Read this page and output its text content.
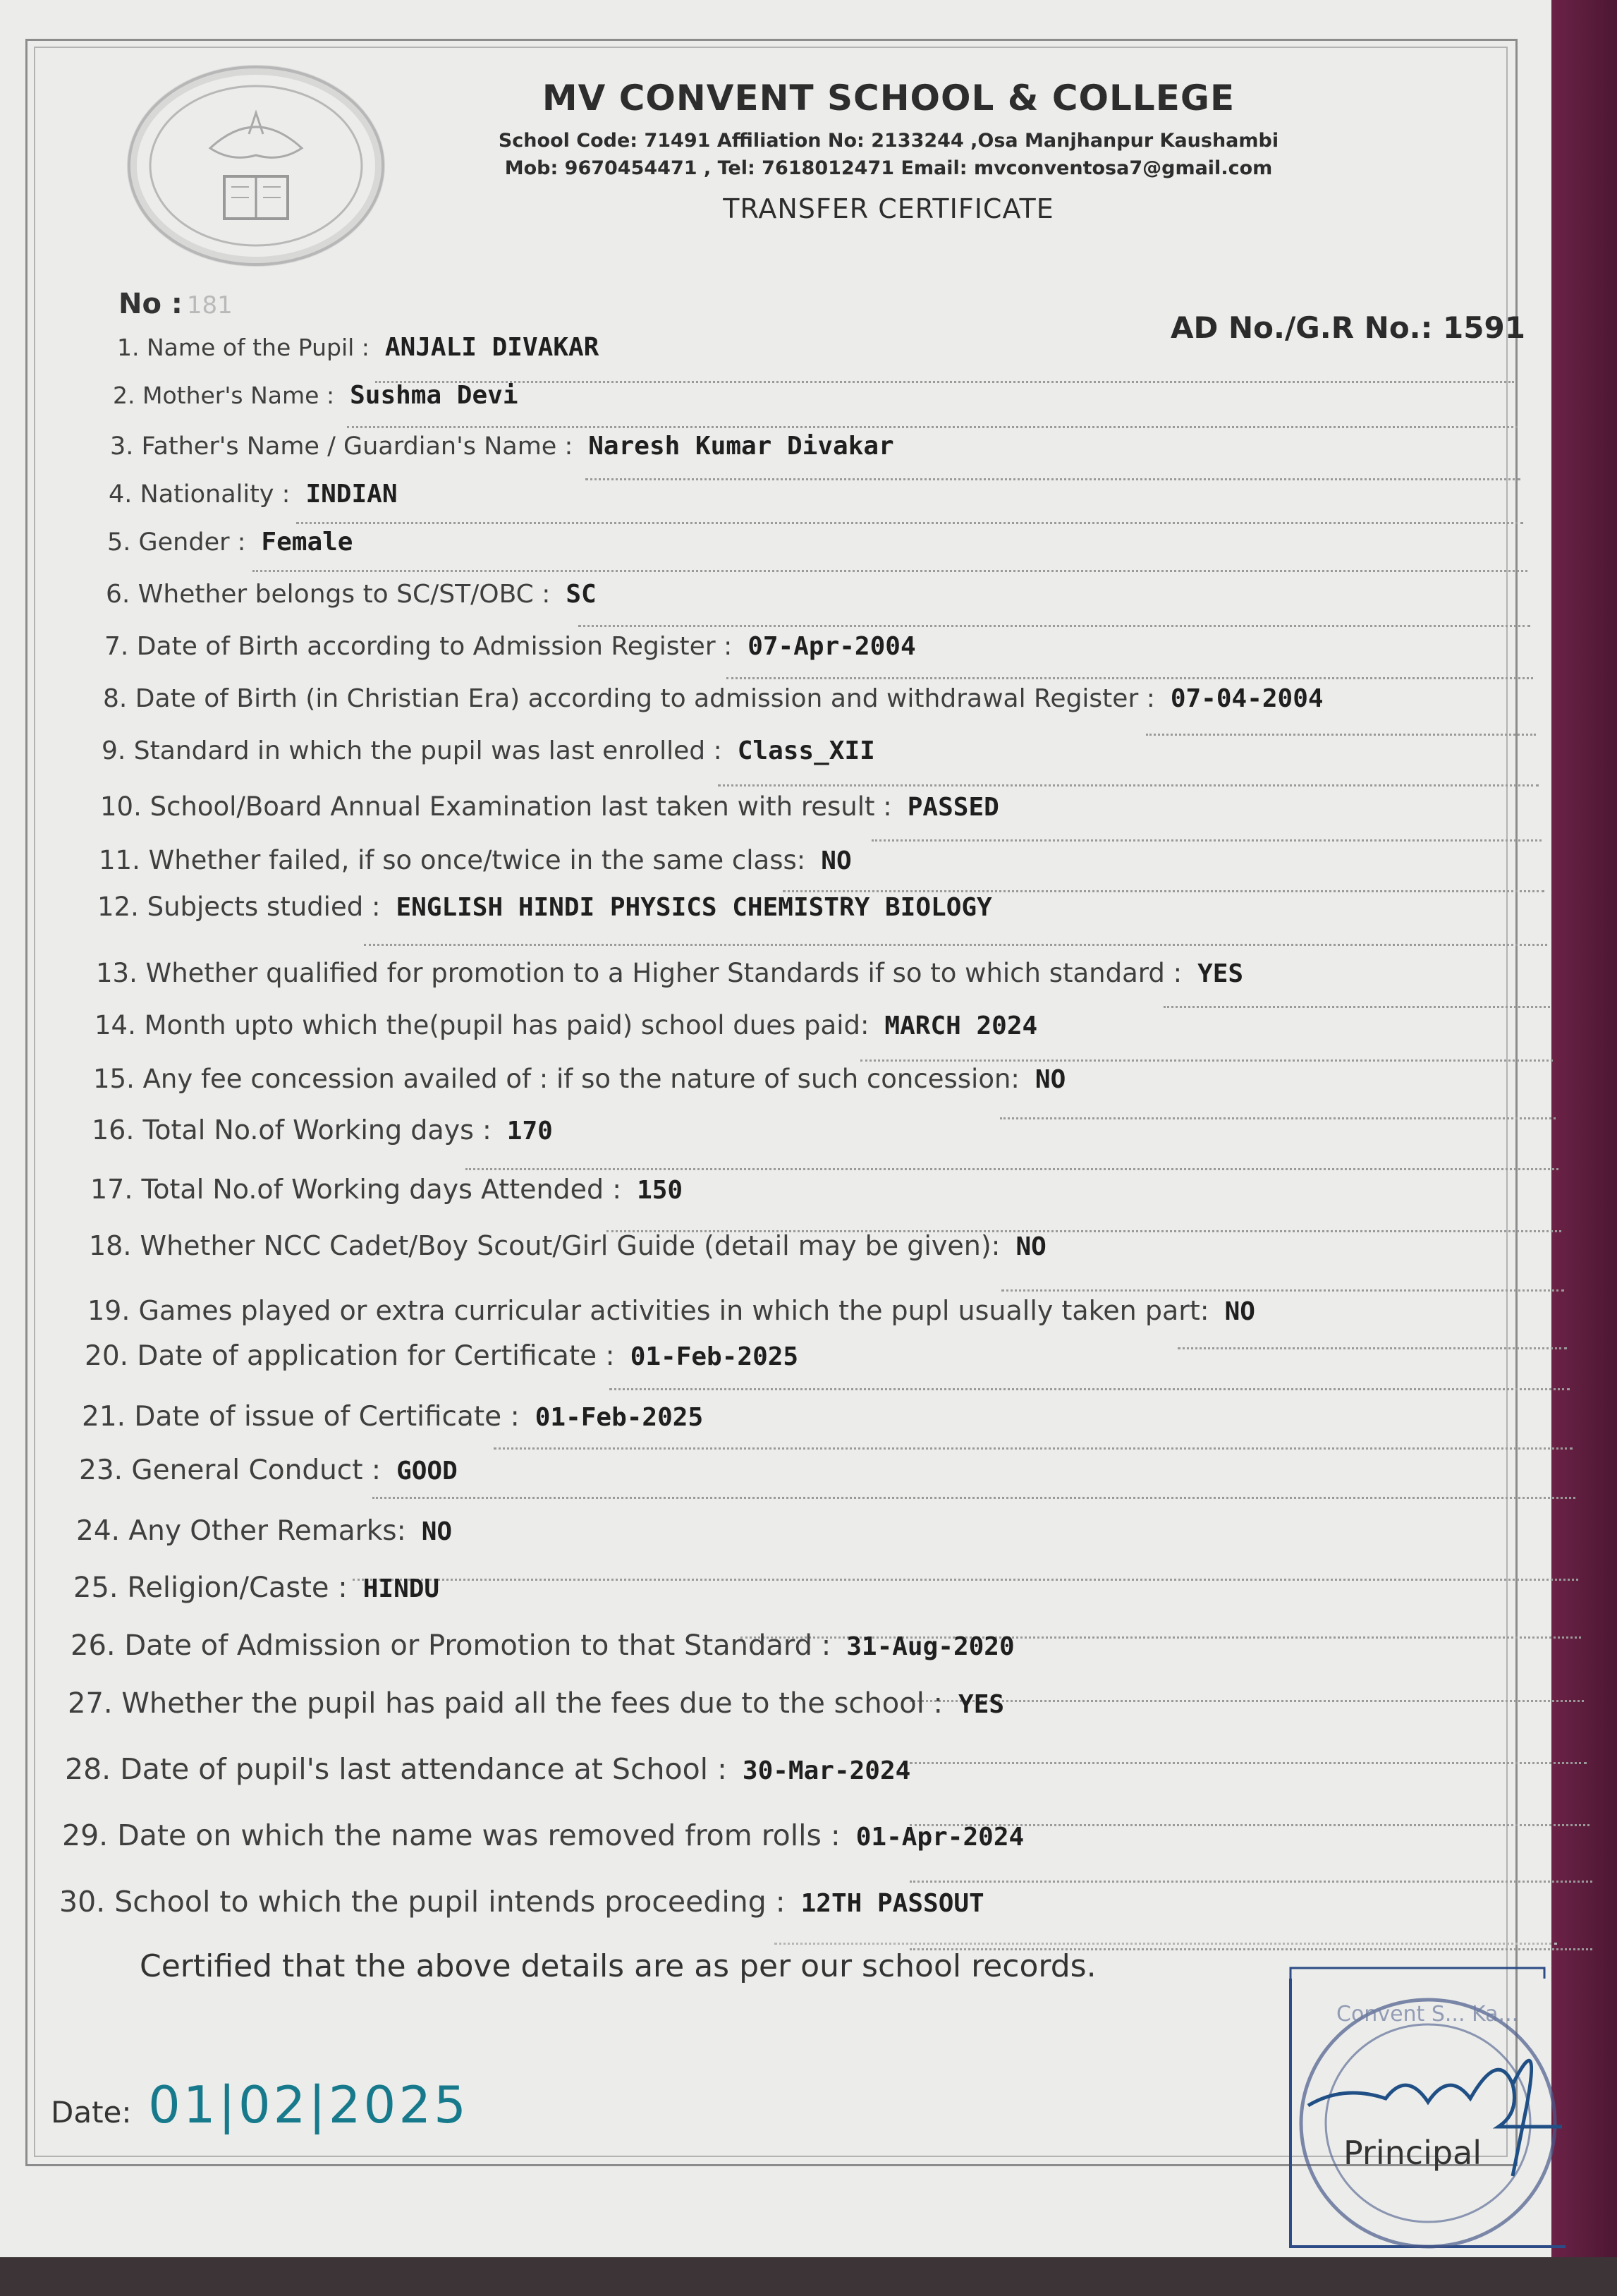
MV CONVENT SCHOOL & COLLEGE
School Code: 71491 Affiliation No: 2133244 ,Osa Manjhanpur Kaushambi
Mob: 9670454471 , Tel: 7618012471 Email: mvconventosa7@gmail.com
TRANSFER CERTIFICATE
No : 181
AD No./G.R No.: 1591
1. Name of the Pupil : ANJALI DIVAKAR
2. Mother's Name : Sushma Devi
3. Father's Name / Guardian's Name : Naresh Kumar Divakar
4. Nationality : INDIAN
5. Gender : Female
6. Whether belongs to SC/ST/OBC : SC
7. Date of Birth according to Admission Register : 07-Apr-2004
8. Date of Birth (in Christian Era) according to admission and withdrawal Register : 07-04-2004
9. Standard in which the pupil was last enrolled : Class_XII
10. School/Board Annual Examination last taken with result : PASSED
11. Whether failed, if so once/twice in the same class: NO
12. Subjects studied : ENGLISH HINDI PHYSICS CHEMISTRY BIOLOGY
13. Whether qualified for promotion to a Higher Standards if so to which standard : YES
14. Month upto which the(pupil has paid) school dues paid: MARCH 2024
15. Any fee concession availed of : if so the nature of such concession: NO
16. Total No.of Working days : 170
17. Total No.of Working days Attended : 150
18. Whether NCC Cadet/Boy Scout/Girl Guide (detail may be given): NO
19. Games played or extra curricular activities in which the pupl usually taken part: NO
20. Date of application for Certificate : 01-Feb-2025
21. Date of issue of Certificate : 01-Feb-2025
23. General Conduct : GOOD
24. Any Other Remarks: NO
25. Religion/Caste : HINDU
26. Date of Admission or Promotion to that Standard : 31-Aug-2020
27. Whether the pupil has paid all the fees due to the school : YES
28. Date of pupil's last attendance at School : 30-Mar-2024
29. Date on which the name was removed from rolls : 01-Apr-2024
30. School to which the pupil intends proceeding : 12TH PASSOUT
Certified that the above details are as per our school records.
Date: 01|02|2025
Convent S... Ka...
Principal
